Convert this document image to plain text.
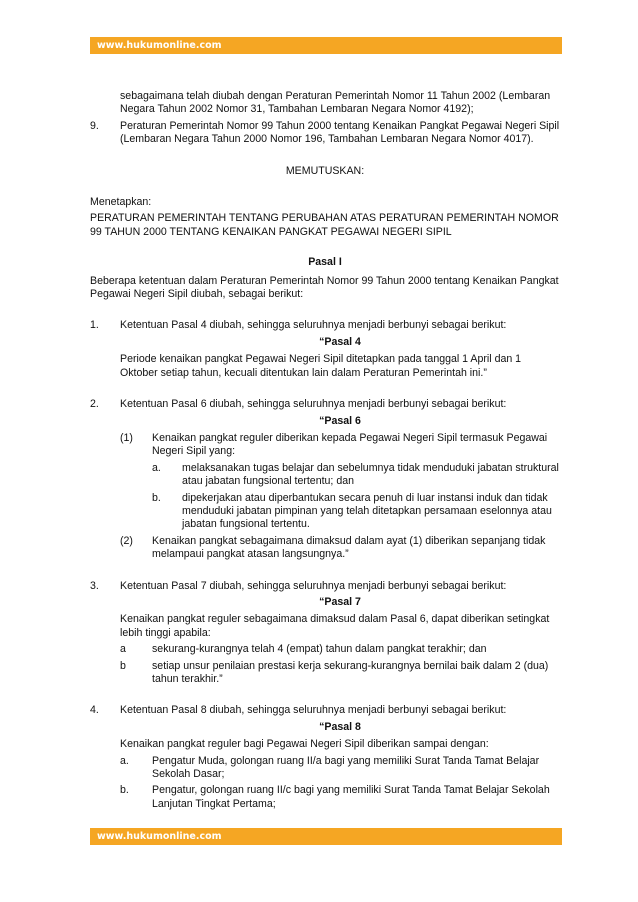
www.hukumonline.com

sebagaimana telah diubah dengan Peraturan Pemerintah Nomor 11 Tahun 2002 (Lembaran Negara Tahun 2002 Nomor 31, Tambahan Lembaran Negara Nomor 4192);

9. Peraturan Pemerintah Nomor 99 Tahun 2000 tentang Kenaikan Pangkat Pegawai Negeri Sipil (Lembaran Negara Tahun 2000 Nomor 196, Tambahan Lembaran Negara Nomor 4017).

MEMUTUSKAN:

Menetapkan:

PERATURAN PEMERINTAH TENTANG PERUBAHAN ATAS PERATURAN PEMERINTAH NOMOR 99 TAHUN 2000 TENTANG KENAIKAN PANGKAT PEGAWAI NEGERI SIPIL

Pasal I

Beberapa ketentuan dalam Peraturan Pemerintah Nomor 99 Tahun 2000 tentang Kenaikan Pangkat Pegawai Negeri Sipil diubah, sebagai berikut:

1. Ketentuan Pasal 4 diubah, sehingga seluruhnya menjadi berbunyi sebagai berikut:

“Pasal 4

Periode kenaikan pangkat Pegawai Negeri Sipil ditetapkan pada tanggal 1 April dan 1 Oktober setiap tahun, kecuali ditentukan lain dalam Peraturan Pemerintah ini.”

2. Ketentuan Pasal 6 diubah, sehingga seluruhnya menjadi berbunyi sebagai berikut:

“Pasal 6

(1) Kenaikan pangkat reguler diberikan kepada Pegawai Negeri Sipil termasuk Pegawai Negeri Sipil yang:

a. melaksanakan tugas belajar dan sebelumnya tidak menduduki jabatan struktural atau jabatan fungsional tertentu; dan

b. dipekerjakan atau diperbantukan secara penuh di luar instansi induk dan tidak menduduki jabatan pimpinan yang telah ditetapkan persamaan eselonnya atau jabatan fungsional tertentu.

(2) Kenaikan pangkat sebagaimana dimaksud dalam ayat (1) diberikan sepanjang tidak melampaui pangkat atasan langsungnya.”

3. Ketentuan Pasal 7 diubah, sehingga seluruhnya menjadi berbunyi sebagai berikut:

“Pasal 7

Kenaikan pangkat reguler sebagaimana dimaksud dalam Pasal 6, dapat diberikan setingkat lebih tinggi apabila:

a sekurang-kurangnya telah 4 (empat) tahun dalam pangkat terakhir; dan

b setiap unsur penilaian prestasi kerja sekurang-kurangnya bernilai baik dalam 2 (dua) tahun terakhir.”

4. Ketentuan Pasal 8 diubah, sehingga seluruhnya menjadi berbunyi sebagai berikut:

“Pasal 8

Kenaikan pangkat reguler bagi Pegawai Negeri Sipil diberikan sampai dengan:

a. Pengatur Muda, golongan ruang II/a bagi yang memiliki Surat Tanda Tamat Belajar Sekolah Dasar;

b. Pengatur, golongan ruang II/c bagi yang memiliki Surat Tanda Tamat Belajar Sekolah Lanjutan Tingkat Pertama;

www.hukumonline.com
